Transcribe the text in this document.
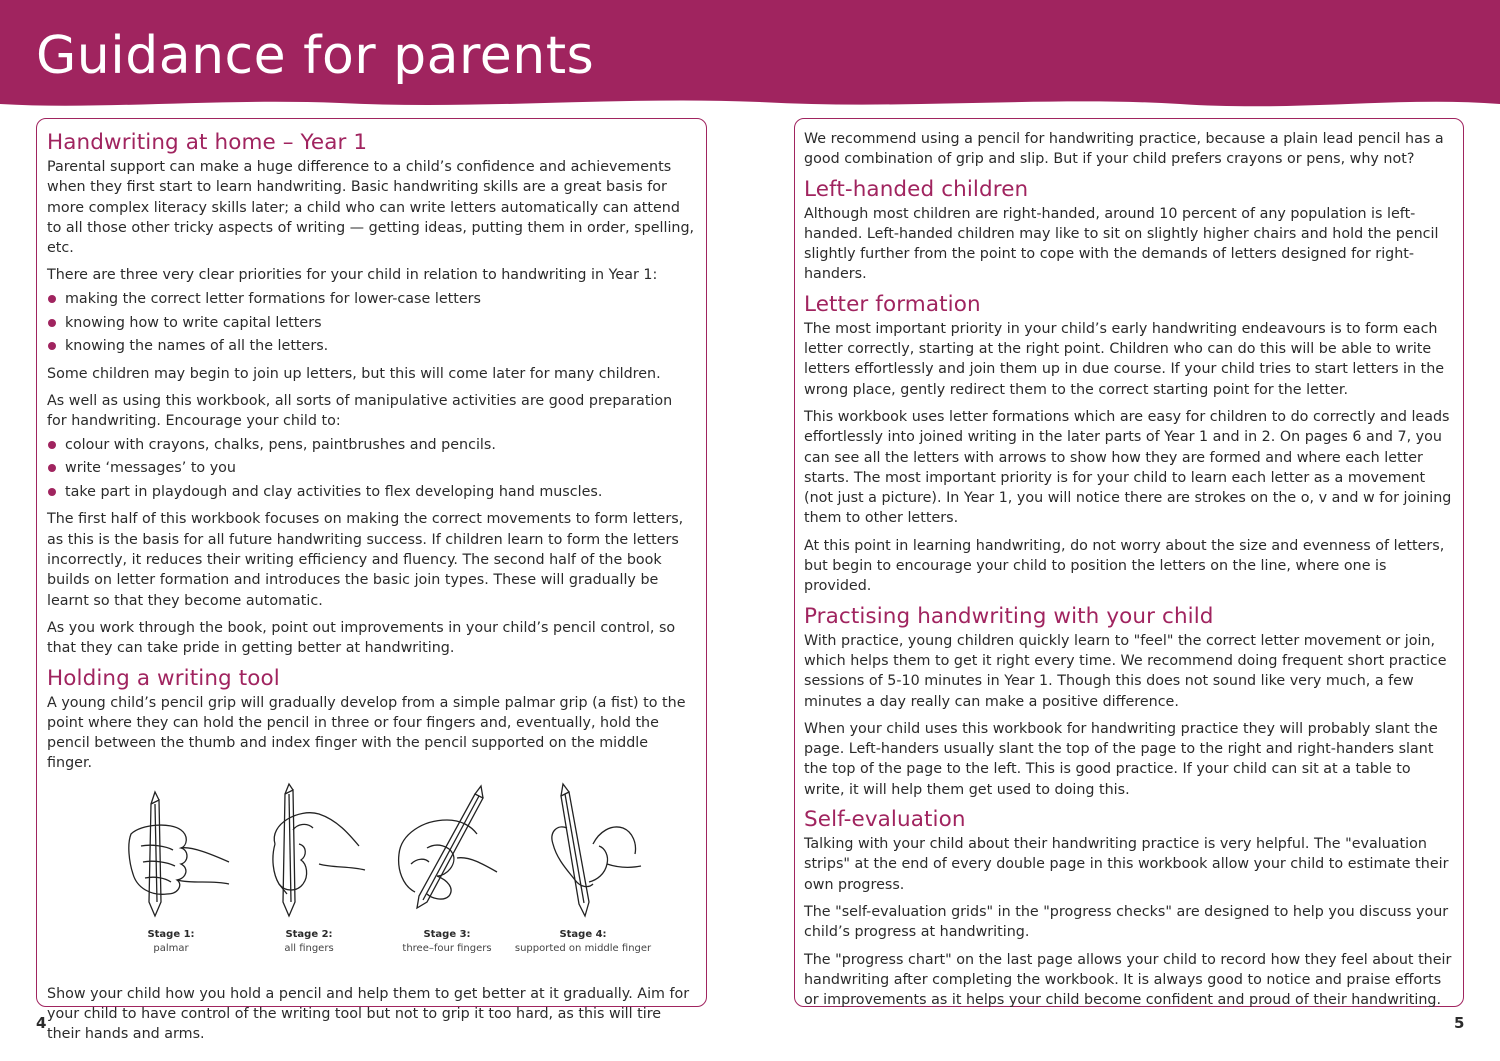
Guidance for parents
Handwriting at home – Year 1

Parental support can make a huge difference to a child’s confidence and achievements when they first start to learn handwriting. Basic handwriting skills are a great basis for more complex literacy skills later; a child who can write letters automatically can attend to all those other tricky aspects of writing — getting ideas, putting them in order, spelling, etc.

There are three very clear priorities for your child in relation to handwriting in Year 1:

making the correct letter formations for lower-case letters
knowing how to write capital letters
knowing the names of all the letters.

Some children may begin to join up letters, but this will come later for many children.

As well as using this workbook, all sorts of manipulative activities are good preparation for handwriting. Encourage your child to:

colour with crayons, chalks, pens, paintbrushes and pencils.
write ‘messages’ to you
take part in playdough and clay activities to flex developing hand muscles.

The first half of this workbook focuses on making the correct movements to form letters, as this is the basis for all future handwriting success. If children learn to form the letters incorrectly, it reduces their writing efficiency and fluency. The second half of the book builds on letter formation and introduces the basic join types. These will gradually be learnt so that they become automatic.

As you work through the book, point out improvements in your child’s pencil control, so that they can take pride in getting better at handwriting.

Holding a writing tool

A young child’s pencil grip will gradually develop from a simple palmar grip (a fist) to the point where they can hold the pencil in three or four fingers and, eventually, hold the pencil between the thumb and index finger with the pencil supported on the middle finger.

Stage 1:
palmar
Stage 2:
all fingers
Stage 3:
three–four fingers
Stage 4:
supported on middle finger

Show your child how you hold a pencil and help them to get better at it gradually. Aim for your child to have control of the writing tool but not to grip it too hard, as this will tire their hands and arms.

We recommend using a pencil for handwriting practice, because a plain lead pencil has a good combination of grip and slip. But if your child prefers crayons or pens, why not?

Left-handed children

Although most children are right-handed, around 10 percent of any population is left-handed. Left-handed children may like to sit on slightly higher chairs and hold the pencil slightly further from the point to cope with the demands of letters designed for right-handers.

Letter formation

The most important priority in your child’s early handwriting endeavours is to form each letter correctly, starting at the right point. Children who can do this will be able to write letters effortlessly and join them up in due course. If your child tries to start letters in the wrong place, gently redirect them to the correct starting point for the letter.

This workbook uses letter formations which are easy for children to do correctly and leads effortlessly into joined writing in the later parts of Year 1 and in 2. On pages 6 and 7, you can see all the letters with arrows to show how they are formed and where each letter starts. The most important priority is for your child to learn each letter as a movement (not just a picture). In Year 1, you will notice there are strokes on the o, v and w for joining them to other letters.

At this point in learning handwriting, do not worry about the size and evenness of letters, but begin to encourage your child to position the letters on the line, where one is provided.

Practising handwriting with your child

With practice, young children quickly learn to "feel" the correct letter movement or join, which helps them to get it right every time. We recommend doing frequent short practice sessions of 5-10 minutes in Year 1. Though this does not sound like very much, a few minutes a day really can make a positive difference.

When your child uses this workbook for handwriting practice they will probably slant the page. Left-handers usually slant the top of the page to the right and right-handers slant the top of the page to the left. This is good practice. If your child can sit at a table to write, it will help them get used to doing this.

Self-evaluation

Talking with your child about their handwriting practice is very helpful. The "evaluation strips" at the end of every double page in this workbook allow your child to estimate their own progress.

The "self-evaluation grids" in the "progress checks" are designed to help you discuss your child’s progress at handwriting.

The "progress chart" on the last page allows your child to record how they feel about their handwriting after completing the workbook. It is always good to notice and praise efforts or improvements as it helps your child become confident and proud of their handwriting.

4	5
